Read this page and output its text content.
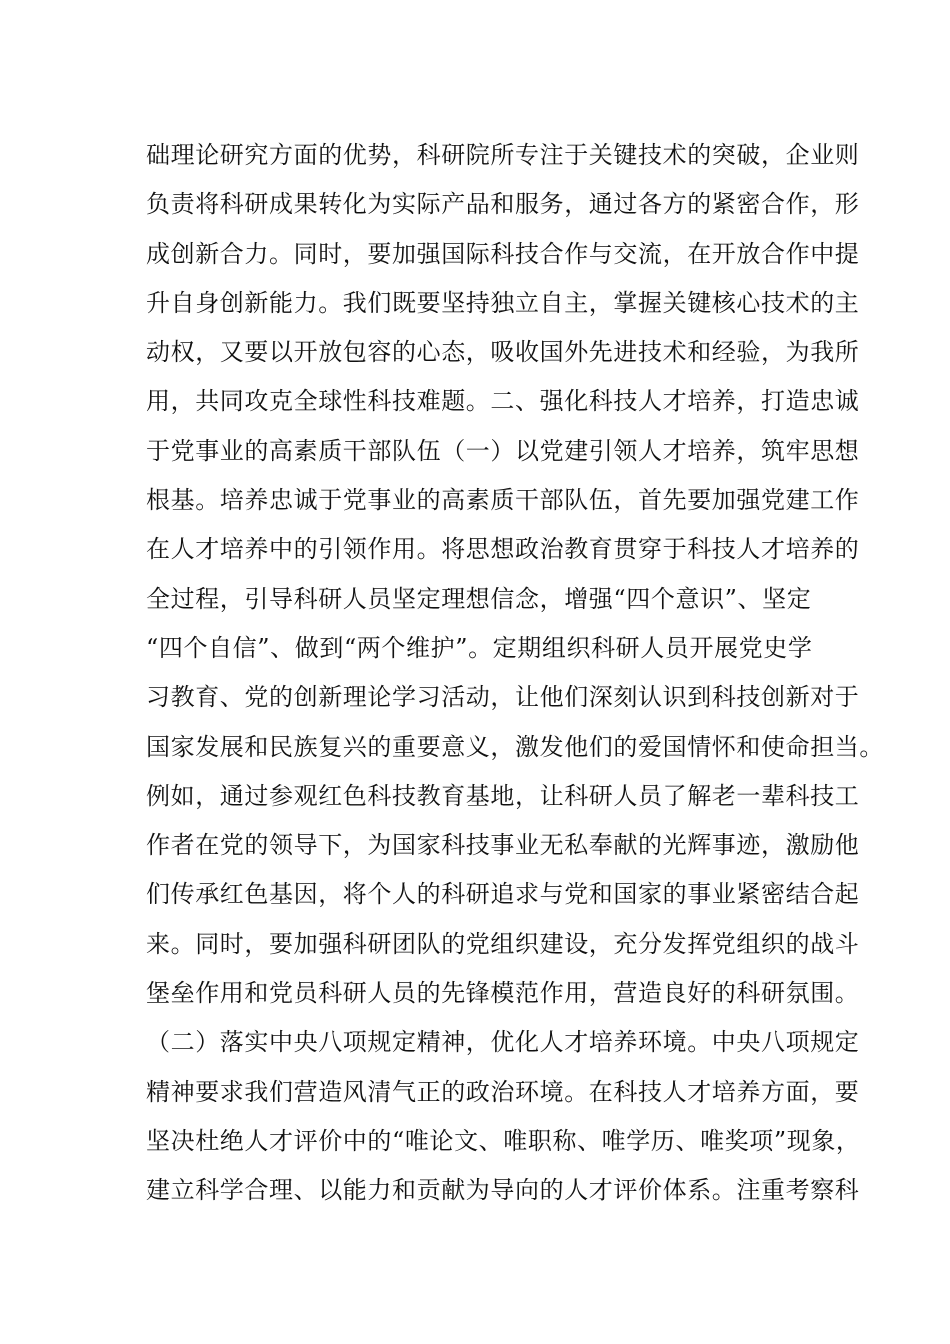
础理论研究方面的优势，科研院所专注于关键技术的突破，企业则
负责将科研成果转化为实际产品和服务，通过各方的紧密合作，形
成创新合力。同时，要加强国际科技合作与交流，在开放合作中提
升自身创新能力。我们既要坚持独立自主，掌握关键核心技术的主
动权，又要以开放包容的心态，吸收国外先进技术和经验，为我所
用，共同攻克全球性科技难题。二、强化科技人才培养，打造忠诚
于党事业的高素质干部队伍（一）以党建引领人才培养，筑牢思想
根基。培养忠诚于党事业的高素质干部队伍，首先要加强党建工作
在人才培养中的引领作用。将思想政治教育贯穿于科技人才培养的
全过程，引导科研人员坚定理想信念，增强“四个意识”、坚定
“四个自信”、做到“两个维护”。定期组织科研人员开展党史学
习教育、党的创新理论学习活动，让他们深刻认识到科技创新对于
国家发展和民族复兴的重要意义，激发他们的爱国情怀和使命担当。
例如，通过参观红色科技教育基地，让科研人员了解老一辈科技工
作者在党的领导下，为国家科技事业无私奉献的光辉事迹，激励他
们传承红色基因，将个人的科研追求与党和国家的事业紧密结合起
来。同时，要加强科研团队的党组织建设，充分发挥党组织的战斗
堡垒作用和党员科研人员的先锋模范作用，营造良好的科研氛围。
（二）落实中央八项规定精神，优化人才培养环境。中央八项规定
精神要求我们营造风清气正的政治环境。在科技人才培养方面，要
坚决杜绝人才评价中的“唯论文、唯职称、唯学历、唯奖项”现象，
建立科学合理、以能力和贡献为导向的人才评价体系。注重考察科
